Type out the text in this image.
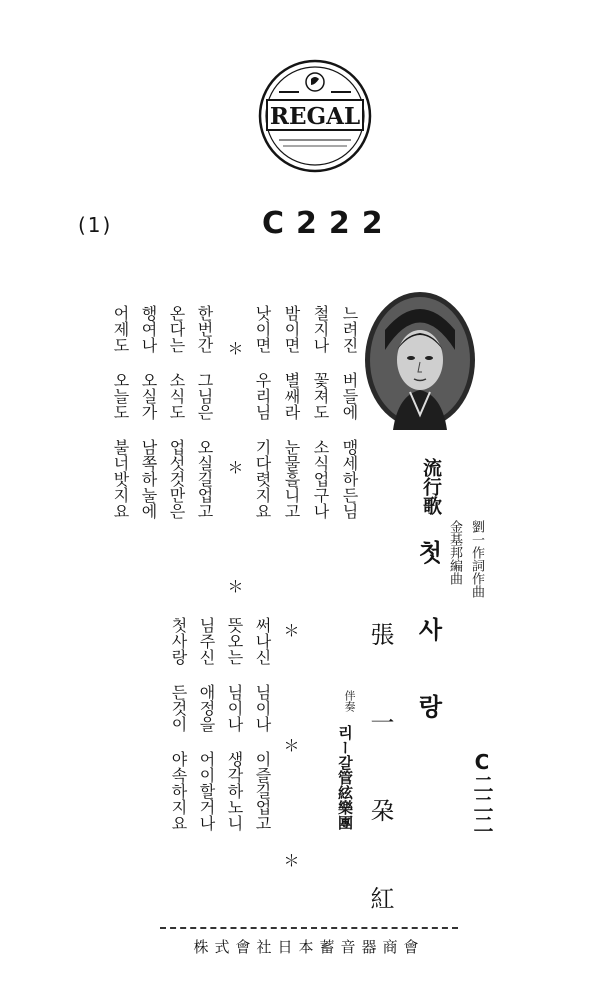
REGAL
(1)	C222
느려진 버들에 맹세하든님
철지나 꽃져도 소식업구나
밤이면 별쌔라 눈물흘니고
낫이면 우리님 기다렷지요
＊ ＊ ＊
한번간 그님은 오실길업고
온다는 소식도 업섯것만은
행여나 오실가 남쪽하눌에
어제도 오늘도 불너밧지요	流行歌
첫 사 랑 劉一作詞作曲
金基邦編曲
張 一 朶 紅
伴奏
리ー갈管絃樂團	C二二二
＊ ＊ ＊
써나신 님이나 이즐길업고
뜻오는 님이나 생각하노니
님주신 애정을 어이할거나
첫사랑 든것이 야속하지요
株式會社日本蓄音器商會
